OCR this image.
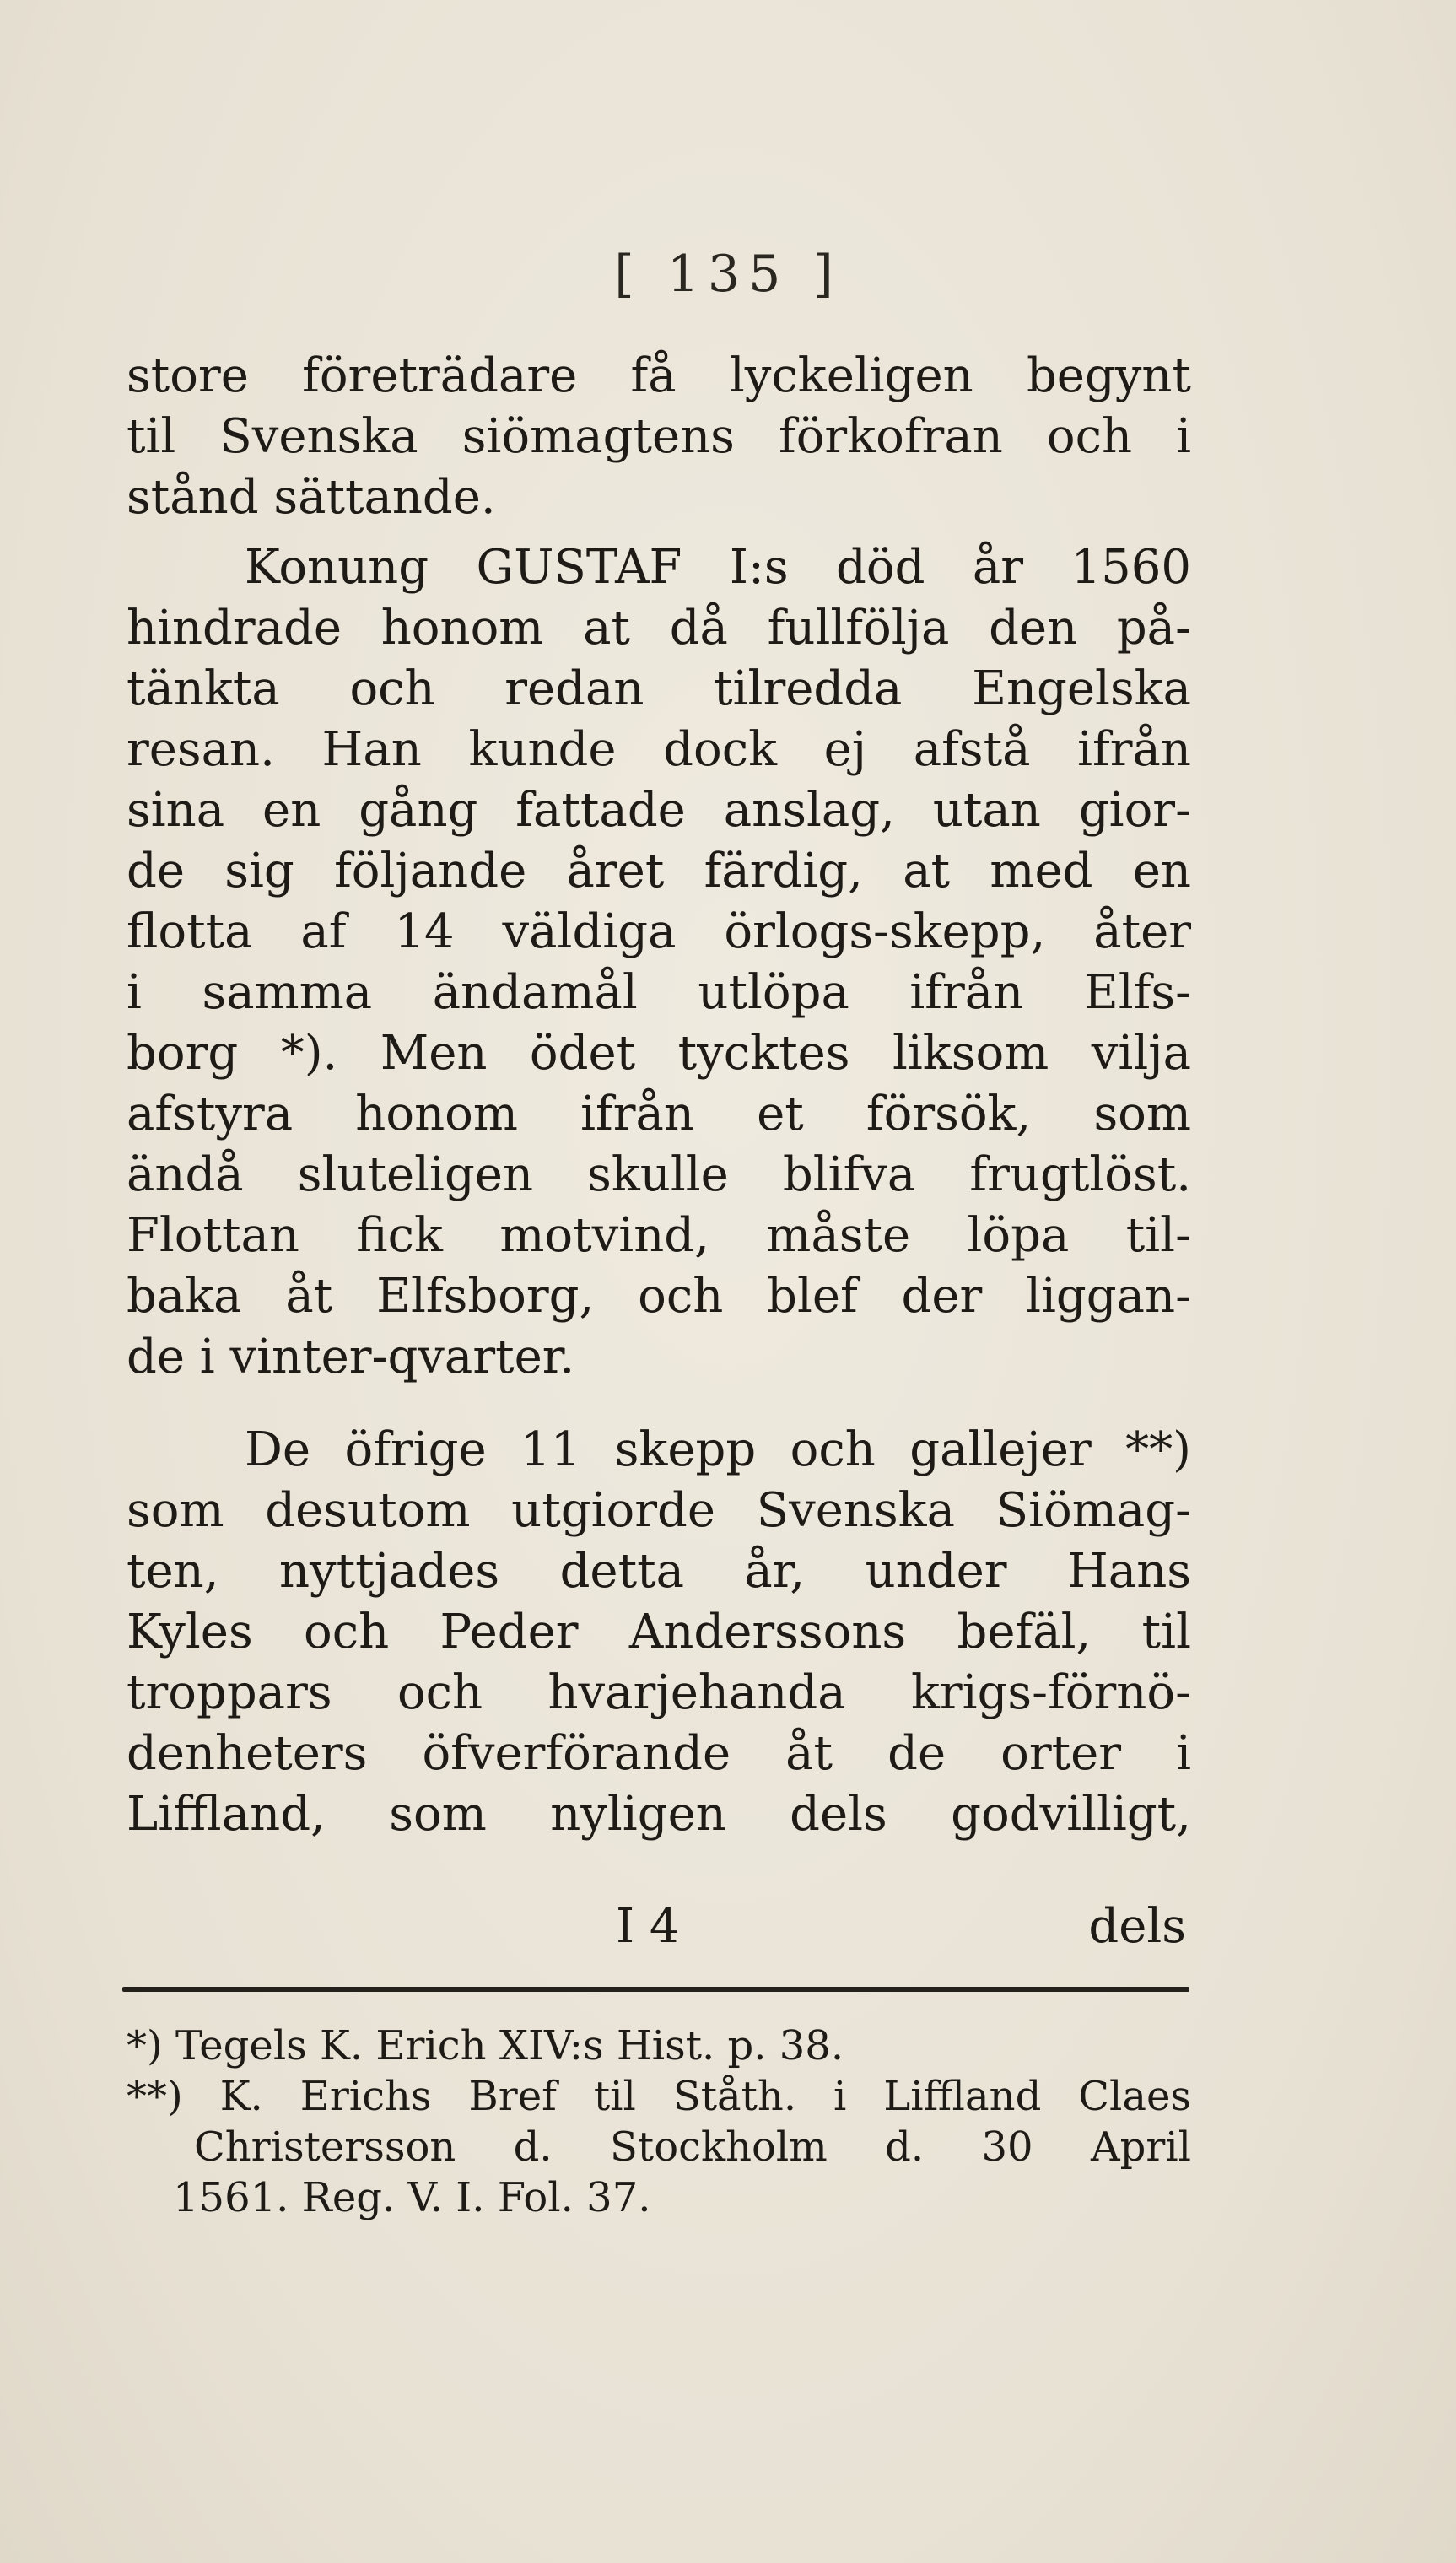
[ 135 ]
store företrädare få lyckeligen begynt
til Svenska siömagtens förkofran och i
stånd sättande.
Konung GUSTAF I:s död år 1560
hindrade honom at då fullfölja den på-
tänkta och redan tilredda Engelska
resan. Han kunde dock ej afstå ifrån
sina en gång fattade anslag, utan gior-
de sig följande året färdig, at med en
flotta af 14 väldiga örlogs-skepp, åter
i samma ändamål utlöpa ifrån Elfs-
borg *). Men ödet tycktes liksom vilja
afstyra honom ifrån et försök, som
ändå sluteligen skulle blifva frugtlöst.
Flottan fick motvind, måste löpa til-
baka åt Elfsborg, och blef der liggan-
de i vinter-qvarter.
De öfrige 11 skepp och gallejer **)
som desutom utgiorde Svenska Siömag-
ten, nyttjades detta år, under Hans
Kyles och Peder Anderssons befäl, til
troppars och hvarjehanda krigs-förnö-
denheters öfverförande åt de orter i
Liffland, som nyligen dels godvilligt,
I 4	dels
*) Tegels K. Erich XIV:s Hist. p. 38.
**) K. Erichs Bref til Ståth. i Liffland Claes
Christersson d. Stockholm d. 30 April
1561. Reg. V. I. Fol. 37.
